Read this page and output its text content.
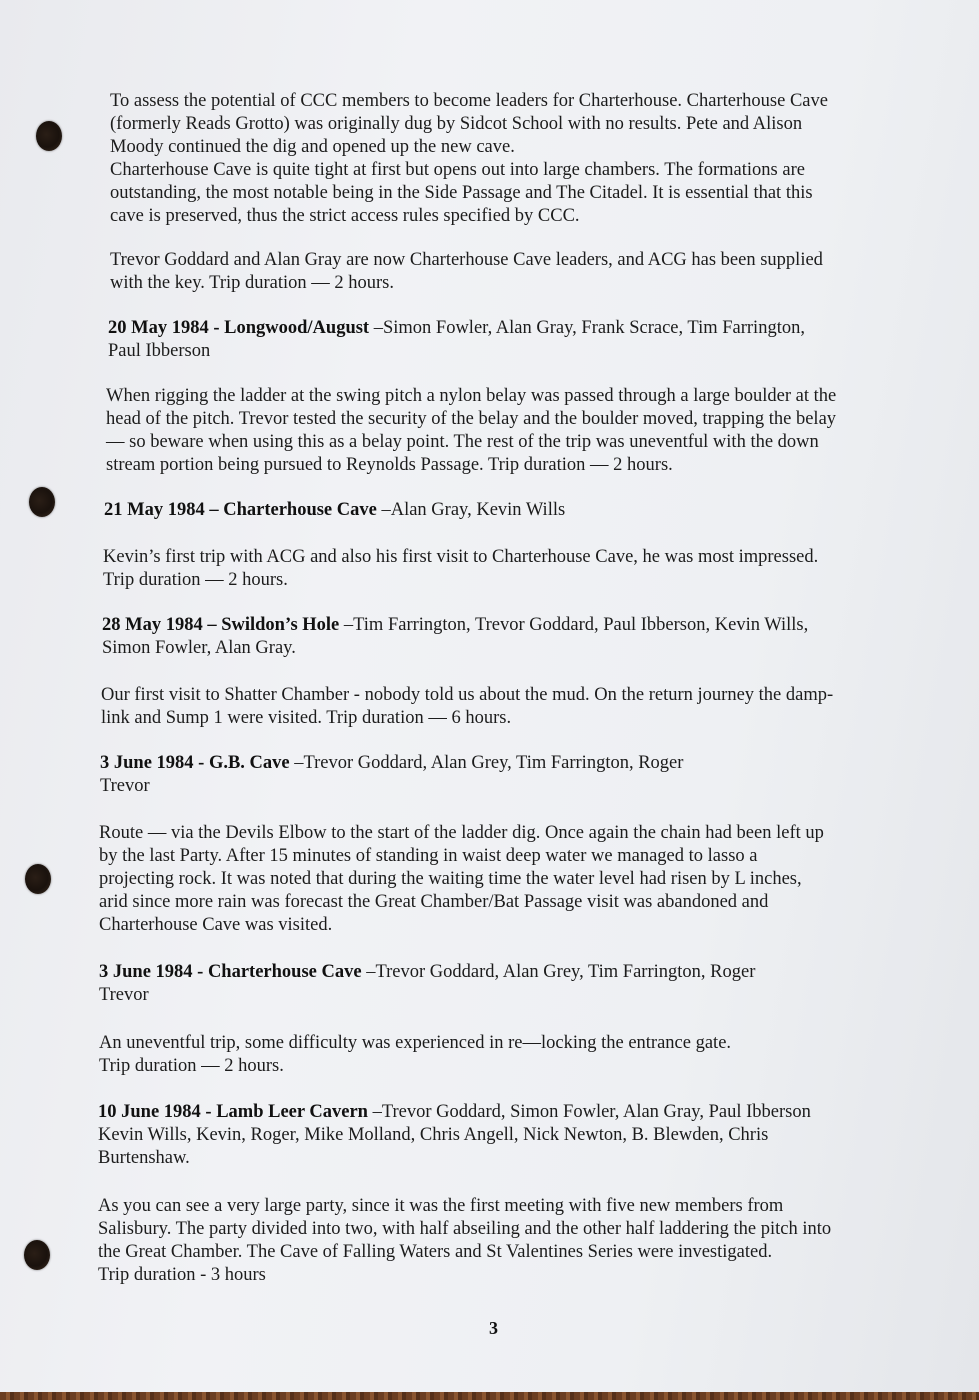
To assess the potential of CCC members to become leaders for Charterhouse. Charterhouse Cave
(formerly Reads Grotto) was originally dug by Sidcot School with no results. Pete and Alison
Moody continued the dig and opened up the new cave.
Charterhouse Cave is quite tight at first but opens out into large chambers. The formations are
outstanding, the most notable being in the Side Passage and The Citadel. It is essential that this
cave is preserved, thus the strict access rules specified by CCC.
Trevor Goddard and Alan Gray are now Charterhouse Cave leaders, and ACG has been supplied
with the key. Trip duration — 2 hours.
20 May 1984 - Longwood/August –Simon Fowler, Alan Gray, Frank Scrace, Tim Farrington,
Paul Ibberson
When rigging the ladder at the swing pitch a nylon belay was passed through a large boulder at the
head of the pitch. Trevor tested the security of the belay and the boulder moved, trapping the belay
— so beware when using this as a belay point. The rest of the trip was uneventful with the down
stream portion being pursued to Reynolds Passage. Trip duration — 2 hours.
21 May 1984 – Charterhouse Cave –Alan Gray, Kevin Wills
Kevin’s first trip with ACG and also his first visit to Charterhouse Cave, he was most impressed.
Trip duration — 2 hours.
28 May 1984 – Swildon’s Hole –Tim Farrington, Trevor Goddard, Paul Ibberson, Kevin Wills,
Simon Fowler, Alan Gray.
Our first visit to Shatter Chamber - nobody told us about the mud. On the return journey the damp-
link and Sump 1 were visited. Trip duration — 6 hours.
3 June 1984 - G.B. Cave –Trevor Goddard, Alan Grey, Tim Farrington, Roger
Trevor
Route — via the Devils Elbow to the start of the ladder dig. Once again the chain had been left up
by the last Party. After 15 minutes of standing in waist deep water we managed to lasso a
projecting rock. It was noted that during the waiting time the water level had risen by L inches,
arid since more rain was forecast the Great Chamber/Bat Passage visit was abandoned and
Charterhouse Cave was visited.
3 June 1984 - Charterhouse Cave –Trevor Goddard, Alan Grey, Tim Farrington, Roger
Trevor
An uneventful trip, some difficulty was experienced in re—locking the entrance gate.
Trip duration — 2 hours.
10 June 1984 - Lamb Leer Cavern –Trevor Goddard, Simon Fowler, Alan Gray, Paul Ibberson
Kevin Wills, Kevin, Roger, Mike Molland, Chris Angell, Nick Newton, B. Blewden, Chris
Burtenshaw.
As you can see a very large party, since it was the first meeting with five new members from
Salisbury. The party divided into two, with half abseiling and the other half laddering the pitch into
the Great Chamber. The Cave of Falling Waters and St Valentines Series were investigated.
Trip duration - 3 hours
3
